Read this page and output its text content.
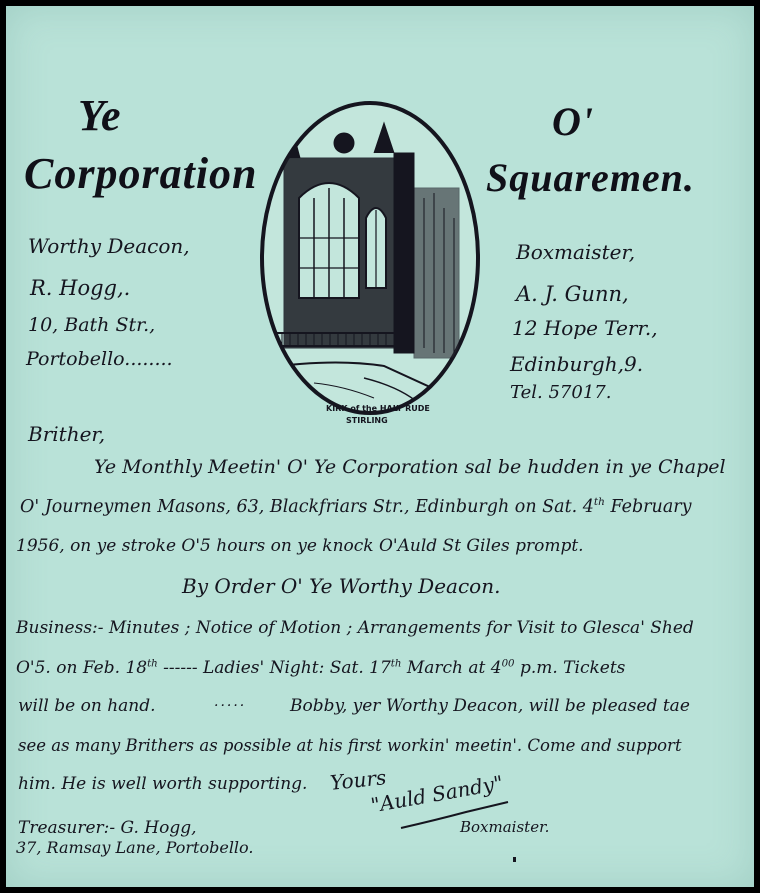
Ye	O'
Corporation	Squaremen.
Worthy Deacon,
R. Hogg,.
10, Bath Str.,
Portobello........
Boxmaister,
A. J. Gunn,
12 Hope Terr.,
Edinburgh,9.
Tel. 57017.
KIRK of the HALY RUDE
STIRLING
Brither,
Ye Monthly Meetin' O' Ye Corporation sal be hudden in ye Chapel
O' Journeymen Masons, 63, Blackfriars Str., Edinburgh on Sat. 4th February
1956, on ye stroke O'5 hours on ye knock O'Auld St Giles prompt.
By Order O' Ye Worthy Deacon.
Business:- Minutes ; Notice of Motion ; Arrangements for Visit to Glesca' Shed
O'5. on Feb. 18th ------ Ladies' Night: Sat. 17th March at $4^{00}$ p.m. Tickets
will be on hand.	·····	Bobby, yer Worthy Deacon, will be pleased tae
see as many Brithers as possible at his first workin' meetin'. Come and support
him. He is well worth supporting. Yours
"Auld Sandy"
Boxmaister.
Treasurer:- G. Hogg,
37, Ramsay Lane, Portobello.
